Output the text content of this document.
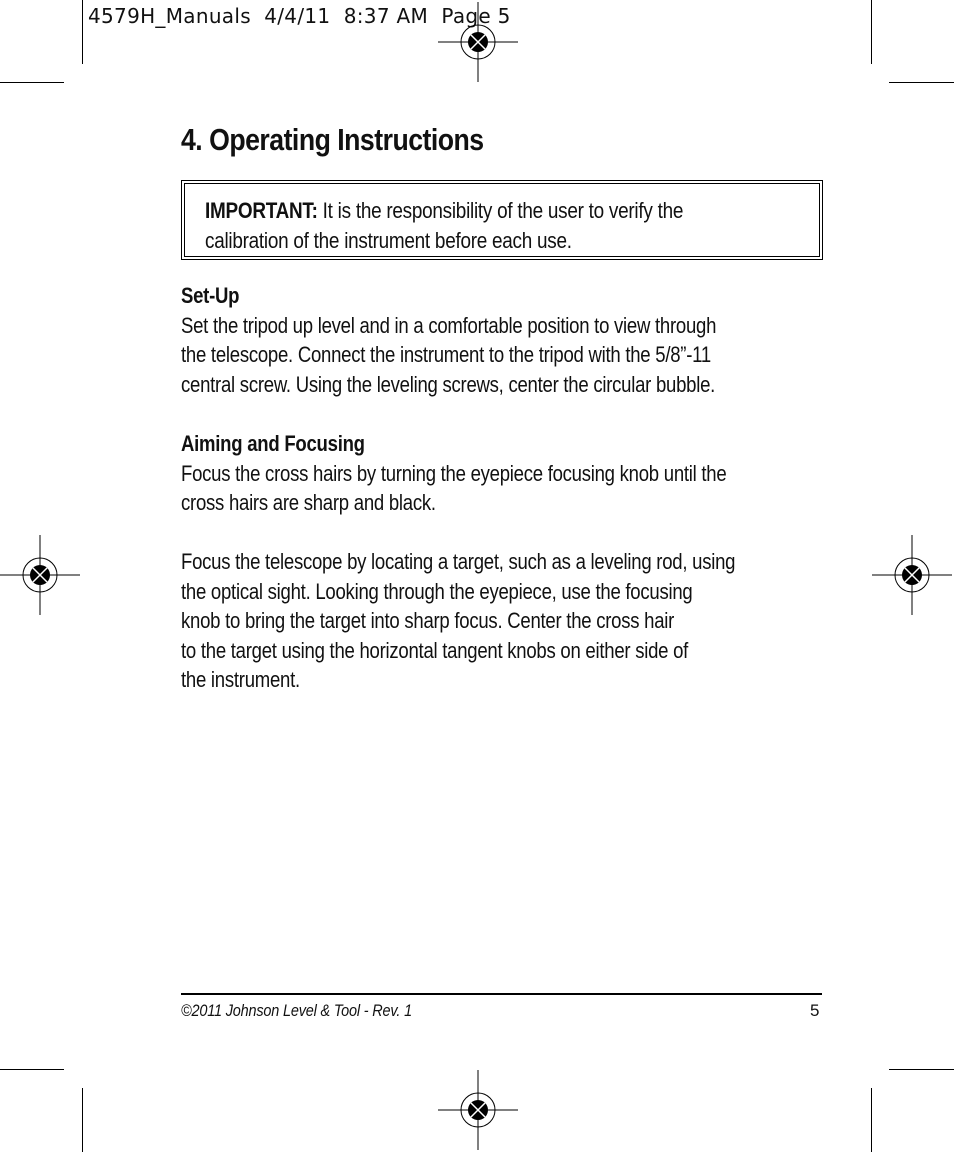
4579H_Manuals  4/4/11  8:37 AM  Page 5
4. Operating Instructions
IMPORTANT: It is the responsibility of the user to verify the
calibration of the instrument before each use.
Set-Up
Set the tripod up level and in a comfortable position to view through
the telescope. Connect the instrument to the tripod with the 5/8”-11
central screw. Using the leveling screws, center the circular bubble.
Aiming and Focusing
Focus the cross hairs by turning the eyepiece focusing knob until the
cross hairs are sharp and black.
Focus the telescope by locating a target, such as a leveling rod, using
the optical sight. Looking through the eyepiece, use the focusing
knob to bring the target into sharp focus. Center the cross hair
to the target using the horizontal tangent knobs on either side of
the instrument.
©2011 Johnson Level & Tool - Rev. 1	5
